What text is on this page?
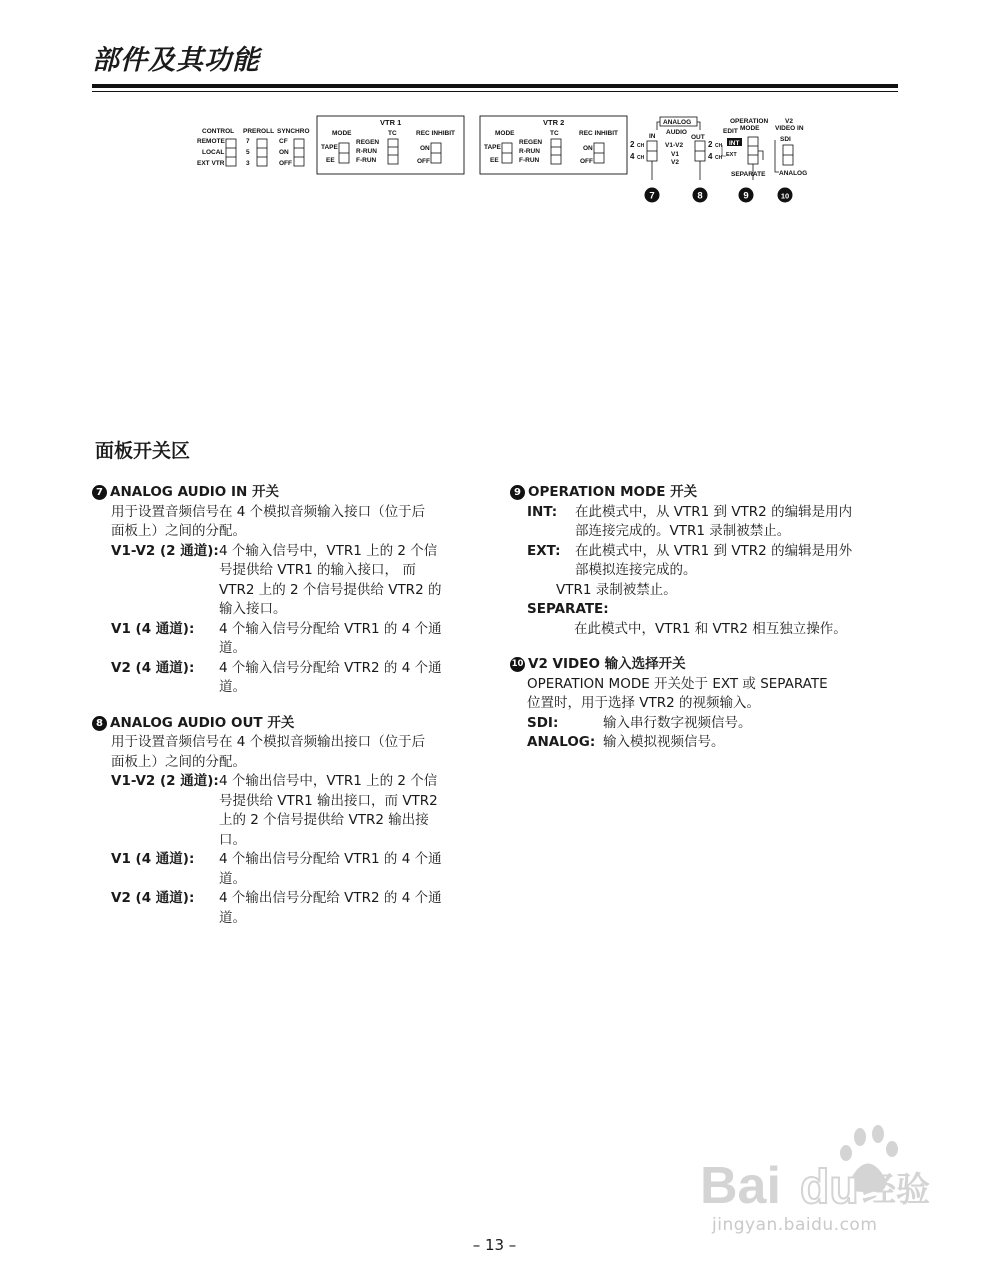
部件及其功能
CONTROL
REMOTE
LOCAL
EXT VTR
PREROLL
7
5
3
SYNCHRO
CF
ON
OFF
VTR 1
MODE	TC	REC INHIBIT
TAPE
EE
REGEN
R-RUN
F-RUN
ON
OFF
VTR 2
MODE	TC	REC INHIBIT
TAPE
EE
REGEN
R-RUN
F-RUN
ON
OFF
ANALOG
IN
AUDIO
OUT
2 CH
4 CH
V1-V2
V1
V2
2 CH
4 CH
OPERATION
MODE
EDIT
INT
EXT
SEPARATE
V2
VIDEO IN
SDI
ANALOG
7	8	9	10
面板开关区
7 ANALOG AUDIO IN 开关
用于设置音频信号在 4 个模拟音频输入接口（位于后
面板上）之间的分配。
V1-V2 (2 通道): 4 个输入信号中，VTR1 上的 2 个信
号提供给 VTR1 的输入接口， 而
VTR2 上的 2 个信号提供给 VTR2 的
输入接口。
V1 (4 通道):	4 个输入信号分配给 VTR1 的 4 个通
道。
V2 (4 通道):	4 个输入信号分配给 VTR2 的 4 个通
道。
8 ANALOG AUDIO OUT 开关
用于设置音频信号在 4 个模拟音频输出接口（位于后
面板上）之间的分配。
V1-V2 (2 通道): 4 个输出信号中，VTR1 上的 2 个信
号提供给 VTR1 输出接口，而 VTR2
上的 2 个信号提供给 VTR2 输出接
口。
V1 (4 通道):	4 个输出信号分配给 VTR1 的 4 个通
道。
V2 (4 通道):	4 个输出信号分配给 VTR2 的 4 个通
道。
9 OPERATION MODE 开关
INT:	在此模式中，从 VTR1 到 VTR2 的编辑是用内
部连接完成的。VTR1 录制被禁止。
EXT:	在此模式中，从 VTR1 到 VTR2 的编辑是用外
部模拟连接完成的。
VTR1 录制被禁止。
SEPARATE:
在此模式中，VTR1 和 VTR2 相互独立操作。
10 V2 VIDEO 输入选择开关
OPERATION MODE 开关处于 EXT 或 SEPARATE
位置时，用于选择 VTR2 的视频输入。
SDI:	输入串行数字视频信号。
ANALOG: 输入模拟视频信号。
Bai du 经验
jingyan.baidu.com
– 13 –
